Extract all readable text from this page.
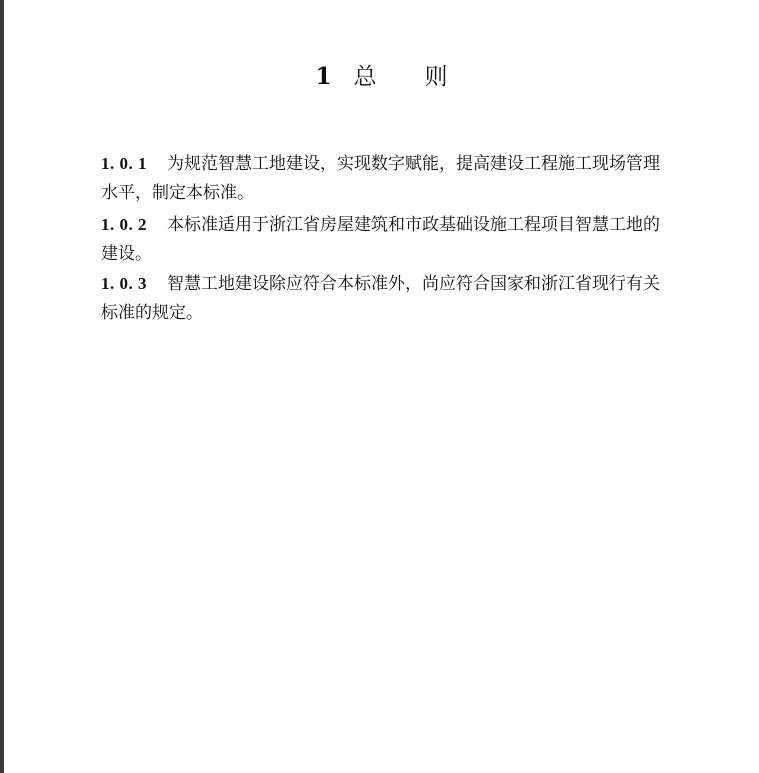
1 总 则
1. 0. 1 为规范智慧工地建设，实现数字赋能，提高建设工程施工现场管理水平，制定本标准。
1. 0. 2 本标准适用于浙江省房屋建筑和市政基础设施工程项目智慧工地的建设。
1. 0. 3 智慧工地建设除应符合本标准外，尚应符合国家和浙江省现行有关标准的规定。
